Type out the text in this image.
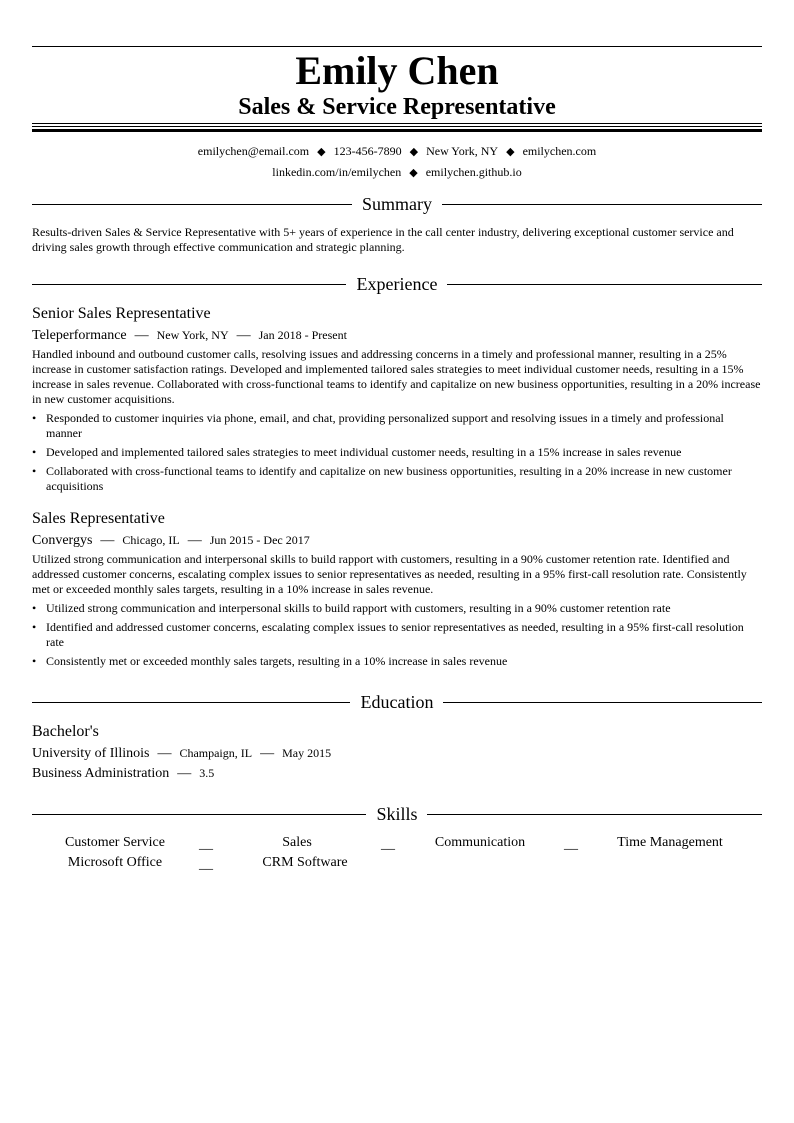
Emily Chen
Sales & Service Representative
emilychen@email.com ◆ 123-456-7890 ◆ New York, NY ◆ emilychen.com
linkedin.com/in/emilychen ◆ emilychen.github.io
Summary
Results-driven Sales & Service Representative with 5+ years of experience in the call center industry, delivering exceptional customer service and driving sales growth through effective communication and strategic planning.
Experience
Senior Sales Representative
Teleperformance — New York, NY — Jan 2018 - Present
Handled inbound and outbound customer calls, resolving issues and addressing concerns in a timely and professional manner, resulting in a 25% increase in customer satisfaction ratings. Developed and implemented tailored sales strategies to meet individual customer needs, resulting in a 15% increase in sales revenue. Collaborated with cross-functional teams to identify and capitalize on new business opportunities, resulting in a 20% increase in new customer acquisitions.
• Responded to customer inquiries via phone, email, and chat, providing personalized support and resolving issues in a timely and professional manner
• Developed and implemented tailored sales strategies to meet individual customer needs, resulting in a 15% increase in sales revenue
• Collaborated with cross-functional teams to identify and capitalize on new business opportunities, resulting in a 20% increase in new customer acquisitions
Sales Representative
Convergys — Chicago, IL — Jun 2015 - Dec 2017
Utilized strong communication and interpersonal skills to build rapport with customers, resulting in a 90% customer retention rate. Identified and addressed customer concerns, escalating complex issues to senior representatives as needed, resulting in a 95% first-call resolution rate. Consistently met or exceeded monthly sales targets, resulting in a 10% increase in sales revenue.
• Utilized strong communication and interpersonal skills to build rapport with customers, resulting in a 90% customer retention rate
• Identified and addressed customer concerns, escalating complex issues to senior representatives as needed, resulting in a 95% first-call resolution rate
• Consistently met or exceeded monthly sales targets, resulting in a 10% increase in sales revenue
Education
Bachelor's
University of Illinois — Champaign, IL — May 2015
Business Administration — 3.5
Skills
Customer Service	__	Sales	__	Communication	__	Time Management
Microsoft Office	__	CRM Software
